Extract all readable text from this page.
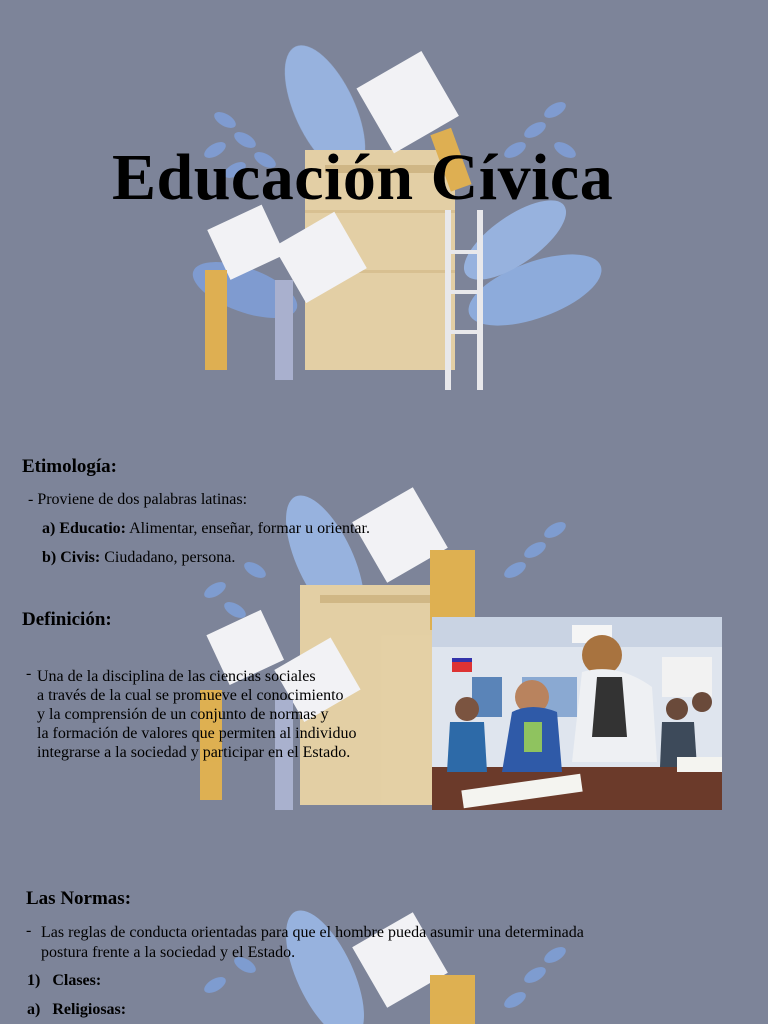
Educación Cívica
Etimología:

- Proviene de dos palabras latinas:

a) Educatio: Alimentar, enseñar, formar u orientar.

b) Civis: Ciudadano, persona.

Definición:

- Una de la disciplina de las ciencias sociales

a través de la cual se promueve el conocimiento

y la comprensión de un conjunto de normas y

la formación de valores que permiten al individuo

integrarse a la sociedad y participar en el Estado.

Las Normas:

- Las reglas de conducta orientadas para que el hombre pueda asumir una determinada

postura frente a la sociedad y el Estado.

1) Clases:

a) Religiosas:
